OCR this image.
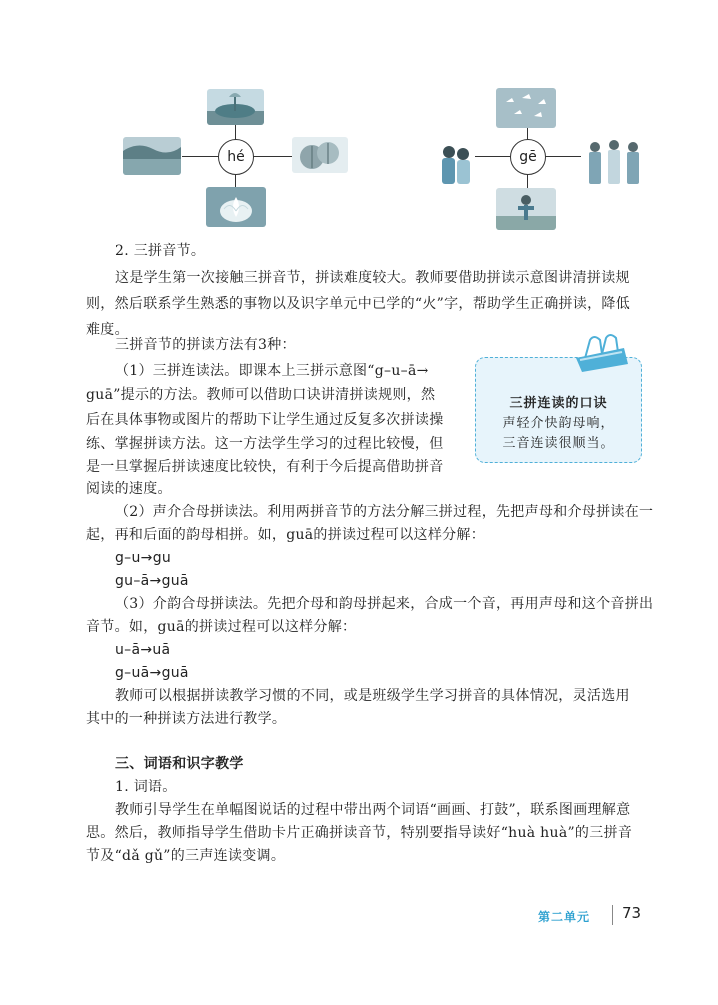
hé	gē
2. 三拼音节。
这是学生第一次接触三拼音节，拼读难度较大。教师要借助拼读示意图讲清拼读规
则，然后联系学生熟悉的事物以及识字单元中已学的“火”字，帮助学生正确拼读，降低
难度。
三拼音节的拼读方法有3种：
（1）三拼连读法。即课本上三拼示意图“g–u–ā→
guā”提示的方法。教师可以借助口诀讲清拼读规则，然
后在具体事物或图片的帮助下让学生通过反复多次拼读操
练、掌握拼读方法。这一方法学生学习的过程比较慢，但
是一旦掌握后拼读速度比较快，有利于今后提高借助拼音
阅读的速度。
（2）声介合母拼读法。利用两拼音节的方法分解三拼过程，先把声母和介母拼读在一
起，再和后面的韵母相拼。如，guā的拼读过程可以这样分解：
g–u→gu
gu–ā→guā
（3）介韵合母拼读法。先把介母和韵母拼起来，合成一个音，再用声母和这个音拼出
音节。如，guā的拼读过程可以这样分解：
u–ā→uā
g–uā→guā
教师可以根据拼读教学习惯的不同，或是班级学生学习拼音的具体情况，灵活选用
其中的一种拼读方法进行教学。
三、词语和识字教学
1. 词语。
教师引导学生在单幅图说话的过程中带出两个词语“画画、打鼓”，联系图画理解意
思。然后，教师指导学生借助卡片正确拼读音节，特别要指导读好“huà huà”的三拼音
节及“dǎ gǔ”的三声连读变调。
三拼连读的口诀
声轻介快韵母响，
三音连读很顺当。
第二单元 73
